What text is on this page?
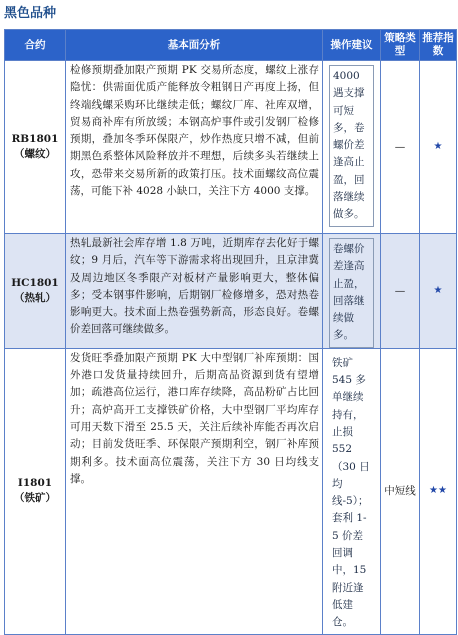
黑色品种
合约	基本面分析	操作建议	策略类型	推荐指数

RB1801
（螺纹）	检修预期叠加限产预期 PK 交易所态度，螺纹上涨存隐忧：供需面优质产能释放令粗钢日产再度上扬，但终端线螺采购环比继续走低；螺纹厂库、社库双增，贸易商补库有所放缓；本钢高炉事件或引发钢厂检修预期，叠加冬季环保限产，炒作热度只增不减，但前期黑色系整体风险释放并不理想，后续多头若继续上攻，恐带来交易所新的政策打压。技术面螺纹高位震荡，可能下补 4028 小缺口，关注下方 4000 支撑。	4000 遇支撑可短多，卷螺价差逢高止盈，回落继续做多。	—	★

HC1801
（热轧）	热轧最新社会库存增 1.8 万吨，近期库存去化好于螺纹；9 月后，汽车等下游需求将出现回升，且京津冀及周边地区冬季限产对板材产量影响更大，整体偏多；受本钢事件影响，后期钢厂检修增多，恐对热卷影响更大。技术面上热卷强势新高，形态良好。卷螺价差回落可继续做多。	卷螺价差逢高止盈，回落继续做多。	—	★

I1801
（铁矿）	发货旺季叠加限产预期 PK 大中型钢厂补库预期：国外港口发货量持续回升，后期高品资源到货有望增加；疏港高位运行，港口库存续降，高品粉矿占比回升；高炉高开工支撑铁矿价格，大中型钢厂平均库存可用天数下滑至 25.5 天，关注后续补库能否再次启动；目前发货旺季、环保限产预期利空，钢厂补库预期利多。技术面高位震荡，关注下方 30 日均线支撑。	铁矿 545 多单继续持有，止损 552（30 日均线-5）；套利 1-5 价差回调中，15 附近逢低建仓。	中短线	★★
